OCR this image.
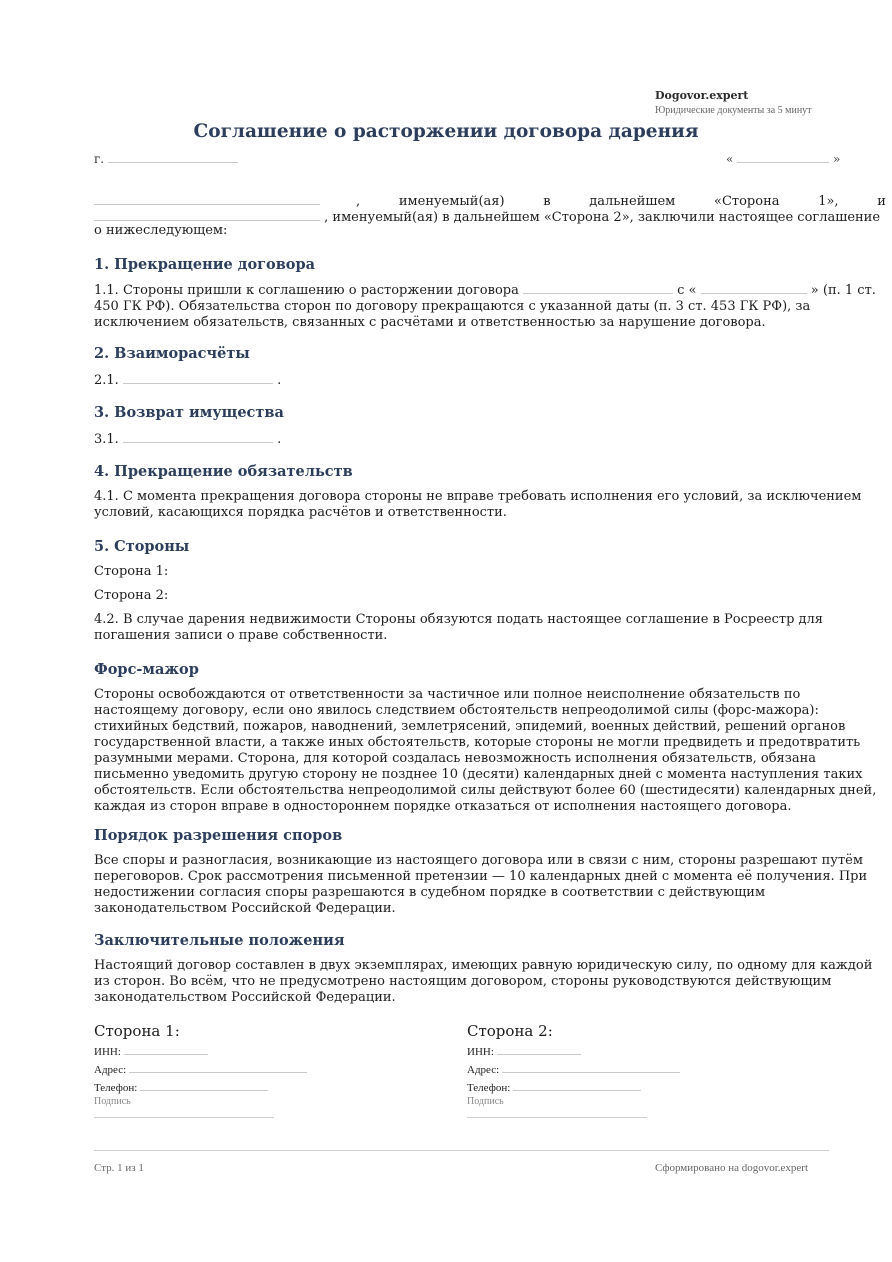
Dogovor.expert
Юридические документы за 5 минут
Соглашение о расторжении договора дарения
г.	«	»
,	именуемый(ая)	в	дальнейшем	«Сторона	1»,	и
, именуемый(ая) в дальнейшем «Сторона 2», заключили настоящее соглашение
о нижеследующем:
1. Прекращение договора
1.1. Стороны пришли к соглашению о расторжении договора	с «	» (п. 1 ст. 450 ГК РФ). Обязательства сторон по договору прекращаются с указанной даты (п. 3 ст. 453 ГК РФ), за исключением обязательств, связанных с расчётами и ответственностью за нарушение договора.
2. Взаиморасчёты
2.1.	.
3. Возврат имущества
3.1.	.
4. Прекращение обязательств
4.1. С момента прекращения договора стороны не вправе требовать исполнения его условий, за исключением условий, касающихся порядка расчётов и ответственности.
5. Стороны
Сторона 1:
Сторона 2:
4.2. В случае дарения недвижимости Стороны обязуются подать настоящее соглашение в Росреестр для погашения записи о праве собственности.
Форс-мажор
Стороны освобождаются от ответственности за частичное или полное неисполнение обязательств по настоящему договору, если оно явилось следствием обстоятельств непреодолимой силы (форс-мажора): стихийных бедствий, пожаров, наводнений, землетрясений, эпидемий, военных действий, решений органов государственной власти, а также иных обстоятельств, которые стороны не могли предвидеть и предотвратить разумными мерами. Сторона, для которой создалась невозможность исполнения обязательств, обязана письменно уведомить другую сторону не позднее 10 (десяти) календарных дней с момента наступления таких обстоятельств. Если обстоятельства непреодолимой силы действуют более 60 (шестидесяти) календарных дней, каждая из сторон вправе в одностороннем порядке отказаться от исполнения настоящего договора.
Порядок разрешения споров
Все споры и разногласия, возникающие из настоящего договора или в связи с ним, стороны разрешают путём переговоров. Срок рассмотрения письменной претензии — 10 календарных дней с момента её получения. При недостижении согласия споры разрешаются в судебном порядке в соответствии с действующим законодательством Российской Федерации.
Заключительные положения
Настоящий договор составлен в двух экземплярах, имеющих равную юридическую силу, по одному для каждой из сторон. Во всём, что не предусмотрено настоящим договором, стороны руководствуются действующим законодательством Российской Федерации.
Сторона 1:
ИНН:
Адрес:
Телефон:
Подпись
Сторона 2:
ИНН:
Адрес:
Телефон:
Подпись
Стр. 1 из 1	Сформировано на dogovor.expert
